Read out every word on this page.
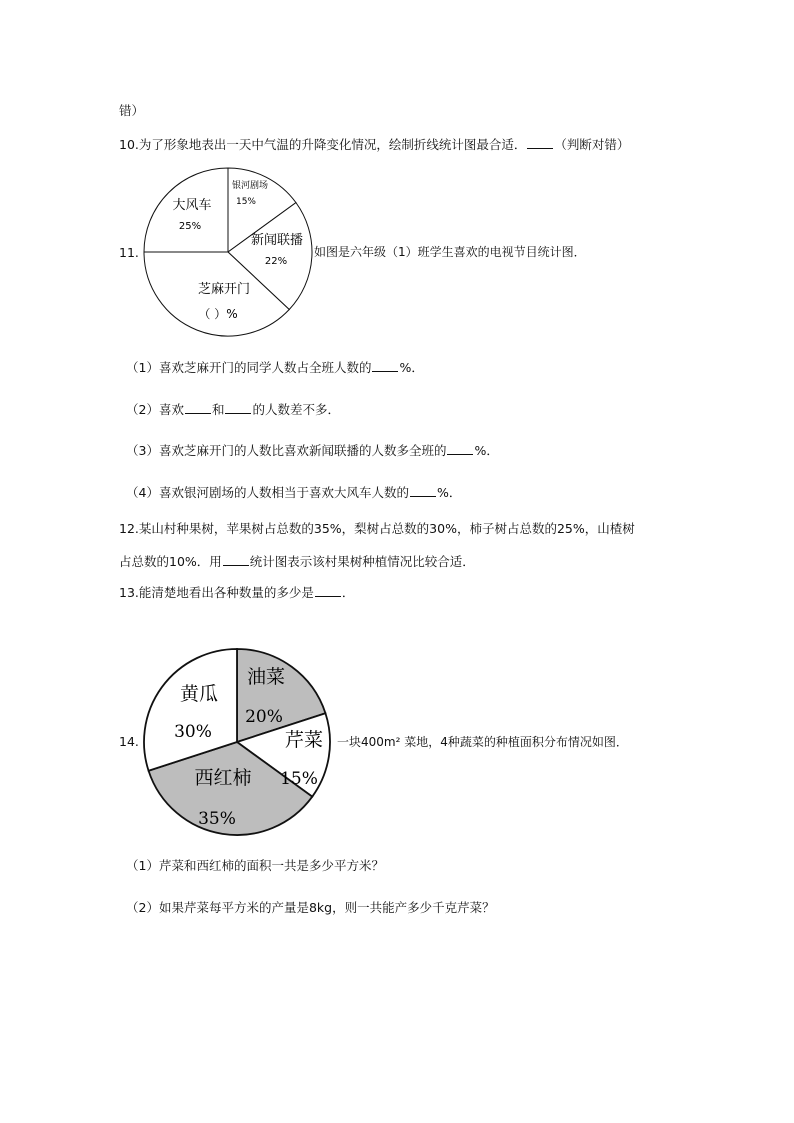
错）
10.为了形象地表出一天中气温的升降变化情况，绘制折线统计图最合适． （判断对错）
11.
大风车
25%
银河剧场
15%
新闻联播
22%
芝麻开门
（ ）%
如图是六年级（1）班学生喜欢的电视节目统计图．
（1）喜欢芝麻开门的同学人数占全班人数的 %．
（2）喜欢 和 的人数差不多．
（3）喜欢芝麻开门的人数比喜欢新闻联播的人数多全班的 %．
（4）喜欢银河剧场的人数相当于喜欢大风车人数的 %．
12.某山村种果树，苹果树占总数的35%，梨树占总数的30%，柿子树占总数的25%，山楂树
占总数的10%．用 统计图表示该村果树种植情况比较合适．
13.能清楚地看出各种数量的多少是 ．
14.
黄瓜
30%
油菜
20%
芹菜
15%
西红柿
35%
一块400m² 菜地，4种蔬菜的种植面积分布情况如图．
（1）芹菜和西红柿的面积一共是多少平方米？
（2）如果芹菜每平方米的产量是8kg，则一共能产多少千克芹菜？
